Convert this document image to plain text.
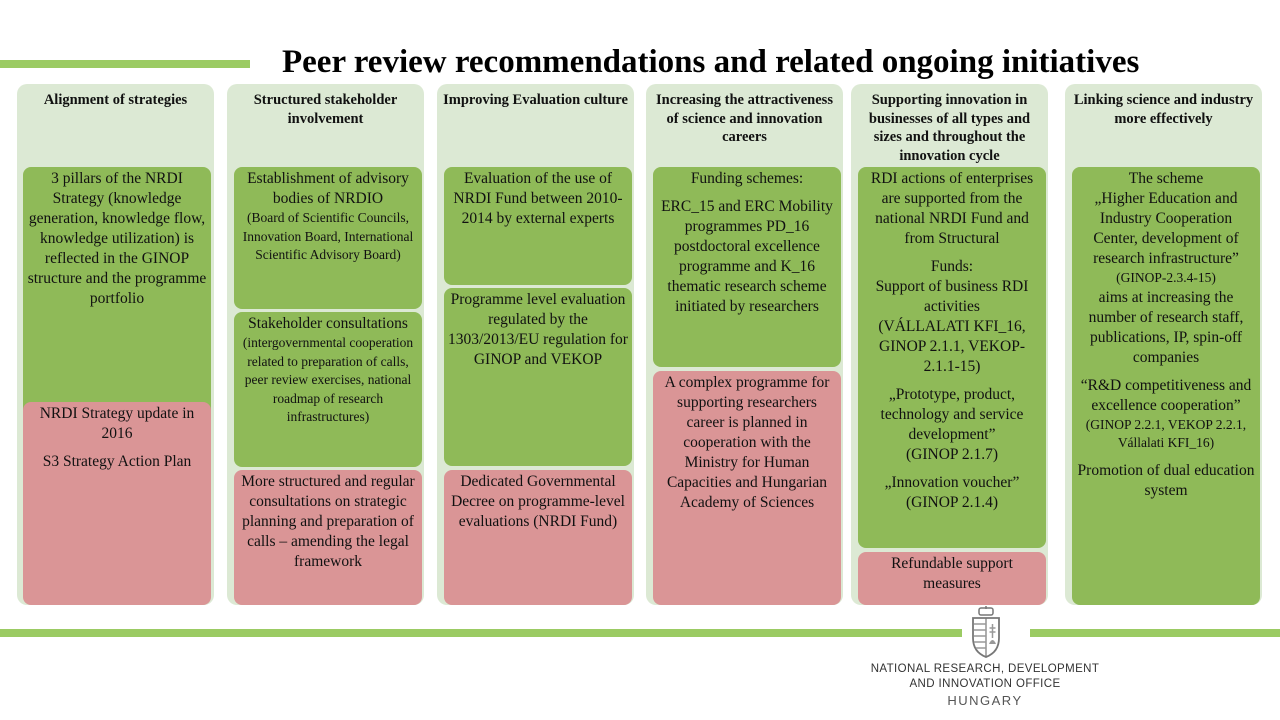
Peer review recommendations and related ongoing initiatives
Alignment of strategies

3 pillars of the NRDI

Strategy (knowledge generation, knowledge flow, knowledge utilization) is reflected in the GINOP structure and the programme portfolio

NRDI Strategy update in 2016

S3 Strategy Action Plan

Structured stakeholder involvement

Establishment of advisory bodies of NRDIO

(Board of Scientific Councils, Innovation Board, International Scientific Advisory Board)

Stakeholder consultations

(intergovernmental cooperation related to preparation of calls, peer review exercises, national roadmap of research infrastructures)

More structured and regular consultations on strategic planning and preparation of calls – amending the legal framework

Improving Evaluation culture

Evaluation of the use of NRDI Fund between 2010-2014 by external experts

Programme level evaluation regulated by the 1303/2013/EU regulation for GINOP and VEKOP

Dedicated Governmental Decree on programme-level evaluations (NRDI Fund)

Increasing the attractiveness of science and innovation careers

Funding schemes:

ERC_15 and ERC Mobility programmes PD_16 postdoctoral excellence programme and K_16 thematic research scheme initiated by researchers

A complex programme for supporting researchers career is planned in cooperation with the Ministry for Human Capacities and Hungarian Academy of Sciences

Supporting innovation in businesses of all types and sizes and throughout the innovation cycle

RDI actions of enterprises are supported from the national NRDI Fund and from Structural

Funds:

Support of business RDI activities

(VÁLLALATI KFI_16, GINOP 2.1.1, VEKOP-2.1.1-15)

„Prototype, product, technology and service development”

(GINOP 2.1.7)

„Innovation voucher”

(GINOP 2.1.4)

Refundable support measures

Linking science and industry more effectively

The scheme

„Higher Education and Industry Cooperation Center, development of research infrastructure”

(GINOP-2.3.4-15)

aims at increasing the number of research staff, publications, IP, spin-off companies

“R&D competitiveness and excellence cooperation”

(GINOP 2.2.1, VEKOP 2.2.1, Vállalati KFI_16)

Promotion of dual education system

NATIONAL RESEARCH, DEVELOPMENT
AND INNOVATION OFFICE
HUNGARY
